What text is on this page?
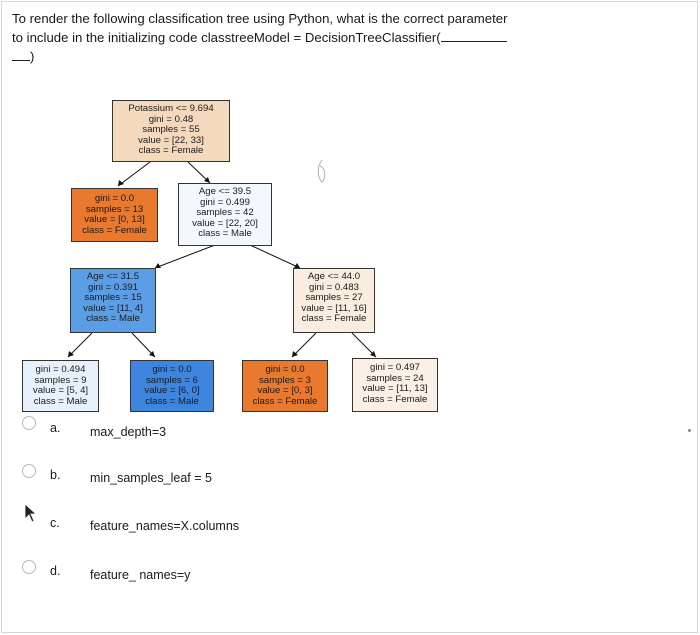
To render the following classification tree using Python, what is the correct parameter
to include in the initializing code classtreeModel = DecisionTreeClassifier(
)
Potassium <= 9.694
gini = 0.48
samples = 55
value = [22, 33]
class = Female
gini = 0.0
samples = 13
value = [0, 13]
class = Female
Age <= 39.5
gini = 0.499
samples = 42
value = [22, 20]
class = Male
Age <= 31.5
gini = 0.391
samples = 15
value = [11, 4]
class = Male
Age <= 44.0
gini = 0.483
samples = 27
value = [11, 16]
class = Female
gini = 0.494
samples = 9
value = [5, 4]
class = Male
gini = 0.0
samples = 6
value = [6, 0]
class = Male
gini = 0.0
samples = 3
value = [0, 3]
class = Female
gini = 0.497
samples = 24
value = [11, 13]
class = Female
a. max_depth=3
b. min_samples_leaf = 5
c. feature_names=X.columns
d. feature_ names=y
